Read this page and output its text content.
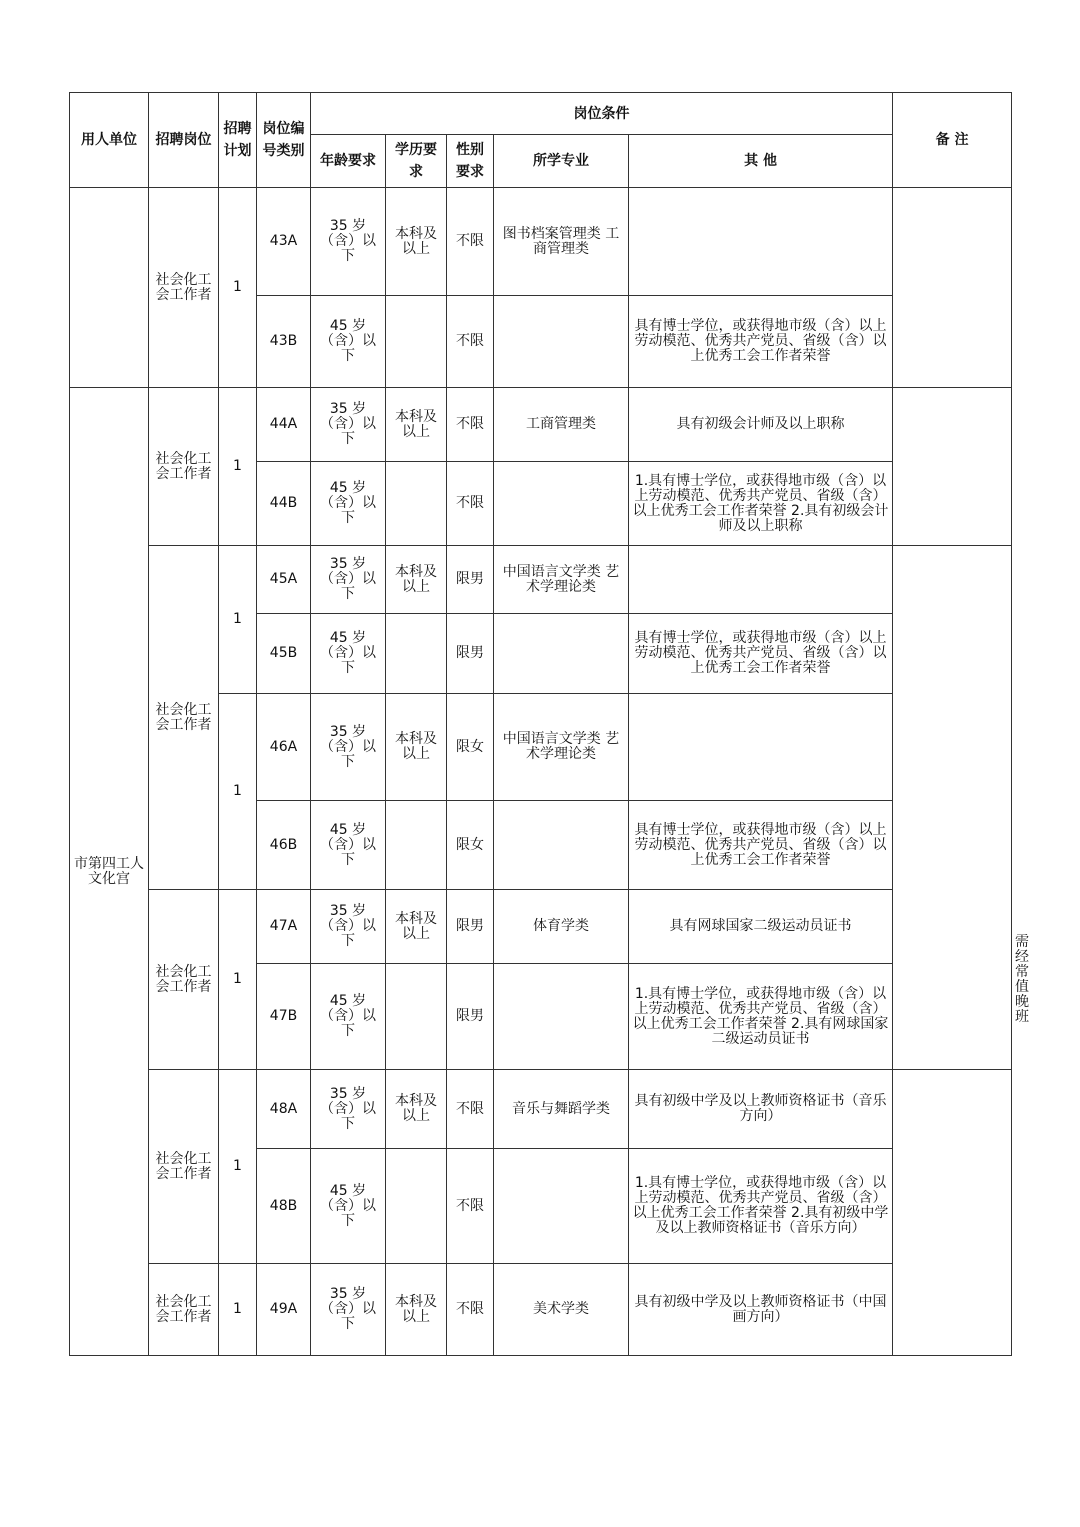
用人单位	招聘岗位	招聘计划	岗位编号类别	岗位条件					备 注	
				年龄要求	学历要求	性别要求	所学专业	其 他		
	社会化工会工作者	1	43A	35 岁（含）以下	本科及以上	不限	图书档案管理类 工商管理类			
			43B	45 岁（含）以下		不限		具有博士学位，或获得地市级（含）以上劳动模范、优秀共产党员、省级（含）以上优秀工会工作者荣誉		
市第四工人文化宫	社会化工会工作者	1	44A	35 岁（含）以下	本科及以上	不限	工商管理类	具有初级会计师及以上职称		
			44B	45 岁（含）以下		不限		1.具有博士学位，或获得地市级（含）以上劳动模范、优秀共产党员、省级（含）以上优秀工会工作者荣誉 2.具有初级会计师及以上职称		
	社会化工会工作者	1	45A	35 岁（含）以下	本科及以上	限男	中国语言文学类 艺术学理论类			
			45B	45 岁（含）以下		限男		具有博士学位，或获得地市级（含）以上劳动模范、优秀共产党员、省级（含）以上优秀工会工作者荣誉		
		1	46A	35 岁（含）以下	本科及以上	限女	中国语言文学类 艺术学理论类			
			46B	45 岁（含）以下		限女		具有博士学位，或获得地市级（含）以上劳动模范、优秀共产党员、省级（含）以上优秀工会工作者荣誉		
	社会化工会工作者	1	47A	35 岁（含）以下	本科及以上	限男	体育学类	具有网球国家二级运动员证书		需经常值晚班
			47B	45 岁（含）以下		限男		1.具有博士学位，或获得地市级（含）以上劳动模范、优秀共产党员、省级（含）以上优秀工会工作者荣誉 2.具有网球国家二级运动员证书		
	社会化工会工作者	1	48A	35 岁（含）以下	本科及以上	不限	音乐与舞蹈学类	具有初级中学及以上教师资格证书（音乐方向）		
			48B	45 岁（含）以下		不限		1.具有博士学位，或获得地市级（含）以上劳动模范、优秀共产党员、省级（含）以上优秀工会工作者荣誉 2.具有初级中学及以上教师资格证书（音乐方向）		
	社会化工会工作者	1	49A	35 岁（含）以下	本科及以上	不限	美术学类	具有初级中学及以上教师资格证书（中国画方向）		
